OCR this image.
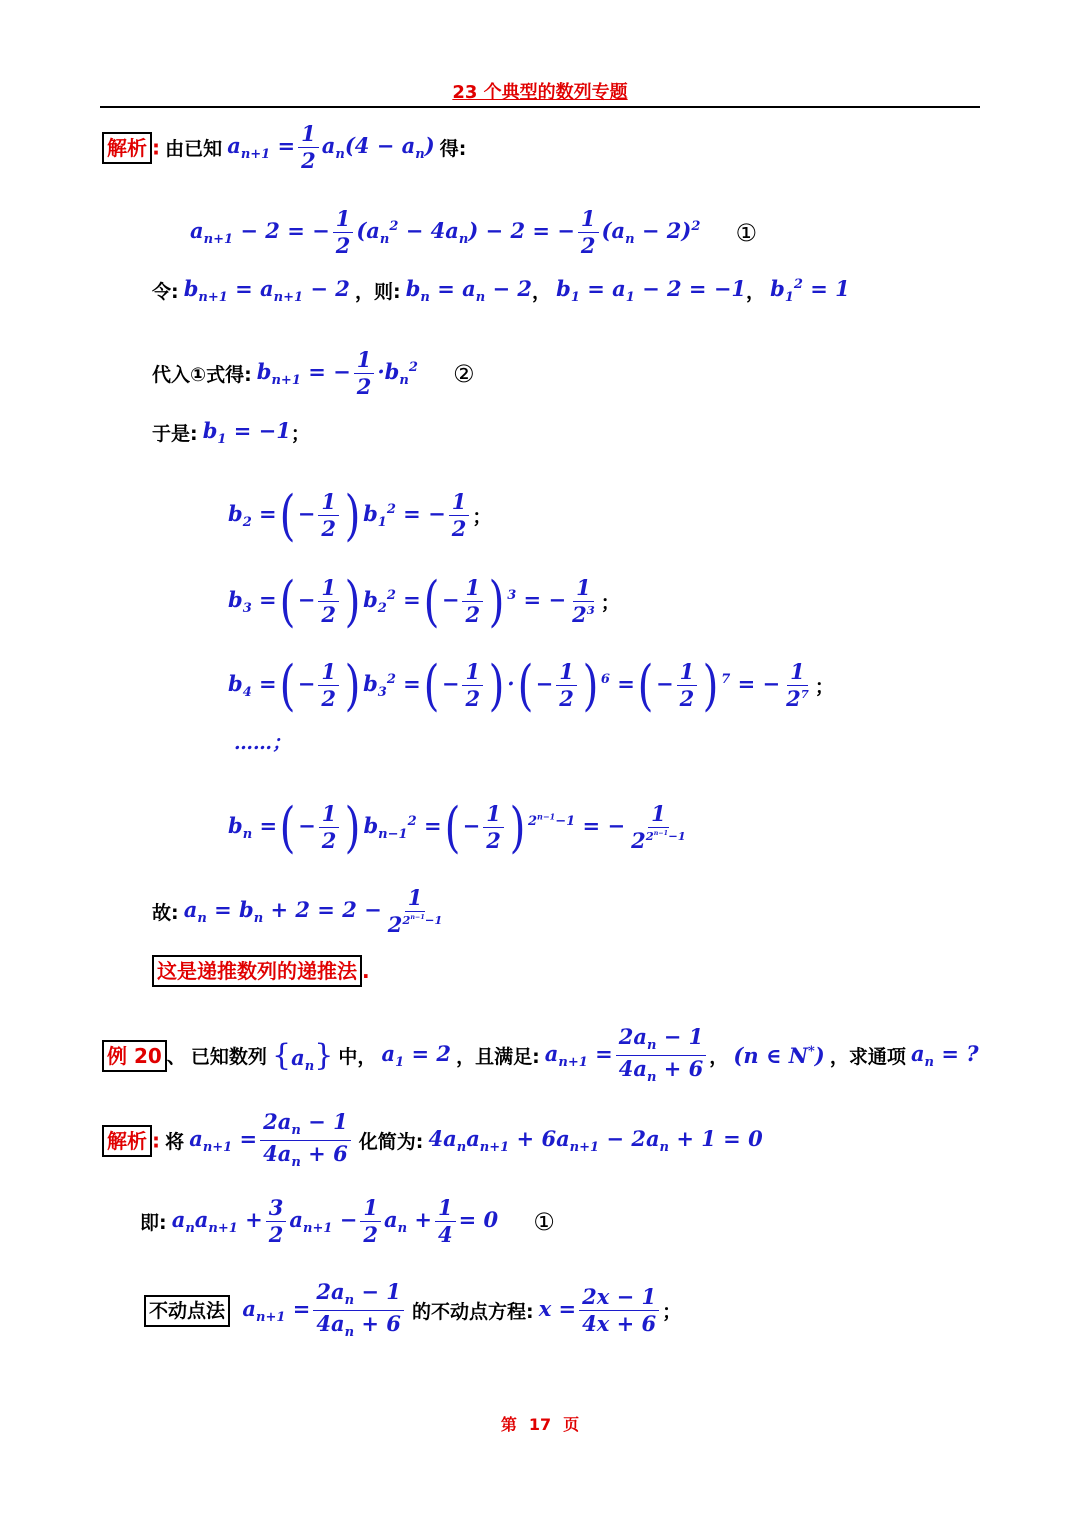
23 个典型的数列专题
解析 : 由已知 $a_{n+1} = \frac{1}{2} a_n(4 - a_n)$ 得:
$a_{n+1} - 2$ = − $\frac{1}{2} (a_n^2 - 4a_n) - 2$ = − $\frac{1}{2} (a_n - 2)^2$ ①
令: $b_{n+1} = a_{n+1} - 2$ ，则: $b_n = a_n - 2$， $b_1 = a_1 - 2 = -1$， $b_1^2 = 1$
代入①式得: $b_{n+1}$ = − $\frac{1}{2} \cdot b_n^2$ ②
于是: $b_1 = -1$；
$b_2$ =( − $\frac{1}{2}$ ) $b_1^2$ = − $\frac{1}{2}$ ；
$b_3$ =( − $\frac{1}{2}$ ) $b_2^2$ =( − $\frac{1}{2}$ ) $^3$ = − $\frac{1}{2^3}$ ；
$b_4$ =( − $\frac{1}{2}$ ) $b_3^2$ =( − $\frac{1}{2}$ ) ·( − $\frac{1}{2}$ ) $^6$ =( − $\frac{1}{2}$ ) $^7$ = − $\frac{1}{2^7}$ ；
……；
$b_n$ =( − $\frac{1}{2}$ ) $b_{n-1}^2$ =( − $\frac{1}{2}$ ) $^{2^{n-1}-1}$ = − $\frac{1}{2^{2^{n-1}-1}}$
故: $a_n = b_n + 2 = 2 - \frac{1}{2^{2^{n-1}-1}}$
这是递推数列的递推法 .
例 20 、 已知数列 $\{a_n\}$ 中， $a_1 = 2$ ，且满足: $a_{n+1} = \frac{2a_n - 1}{4a_n + 6}$ ， (n ∈ N*) ，求通项 $a_n$ = ?
解析 : 将 $a_{n+1} = \frac{2a_n - 1}{4a_n + 6}$ 化简为: $4a_na_{n+1} + 6a_{n+1} - 2a_n + 1 = 0$
即: $a_na_{n+1} + \frac{3}{2} a_{n+1} - \frac{1}{2} a_n + \frac{1}{4} = 0$ ①
不动点法  $a_{n+1} = \frac{2a_n - 1}{4a_n + 6}$ 的不动点方程: $x = \frac{2x - 1}{4x + 6}$ ；
第 17 页
